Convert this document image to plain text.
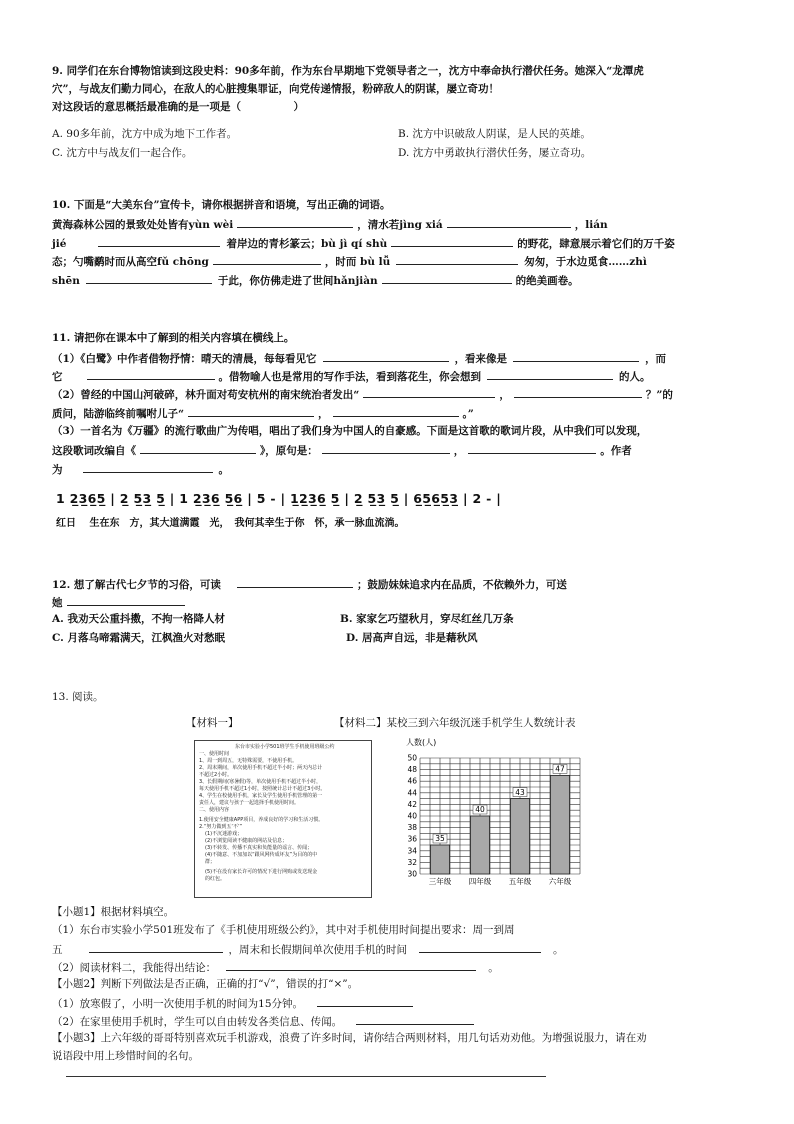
9. 同学们在东台博物馆读到这段史料：90多年前，作为东台早期地下党领导者之一，沈方中奉命执行潜伏任务。她深入“龙潭虎
穴”，与战友们勤力同心，在敌人的心脏搜集罪证，向党传递情报，粉碎敌人的阴谋，屡立奇功！
对这段话的意思概括最准确的是一项是（　　　　　）
A. 90多年前，沈方中成为地下工作者。	B. 沈方中识破敌人阴谋，是人民的英雄。
C. 沈方中与战友们一起合作。	D. 沈方中勇敢执行潜伏任务，屡立奇功。
10. 下面是“大美东台”宣传卡，请你根据拼音和语境，写出正确的词语。
黄海森林公园的景致处处皆有yùn wèi	，清水若jìng xiá	，lián
jié	着岸边的青杉篆云；bù jì qí shù	的野花，肆意展示着它们的万千姿
态；勺嘴鹬时而从高空fǔ chōng	，时而 bù lǚ	匆匆，于水边觅食……zhì
shēn	于此，你仿佛走进了世间hǎnjiàn	的绝美画卷。
11. 请把你在课本中了解到的相关内容填在横线上。
（1）《白鹭》中作者借物抒情：晴天的清晨，每每看见它	，看来像是	，而
它	。借物喻人也是常用的写作手法，看到落花生，你会想到	的人。
（2）曾经的中国山河破碎，林升面对苟安杭州的南宋统治者发出“	，	？”的
质问，陆游临终前嘱咐儿子“	，	。”
（3）一首名为《万疆》的流行歌曲广为传唱，唱出了我们身为中国人的自豪感。下面是这首歌的歌词片段，从中我们可以发现，
这段歌词改编自《	》，原句是：	，	。作者
为	。
1 2̲3̲6̲5̲ | 2̲ 5̲3̲ 5̲ | 1 2̲3̲6̲ 5̲6̲ | 5 - | 1̲2̲3̲6̲ 5̲ | 2̲ 5̲3̲ 5̲ | 6̲5̲6̲5̲3̲ | 2 - |
红日　 生在东　方，其大道满霞　光，　我何其幸生于你　怀，承一脉血流淌。
12. 想了解古代七夕节的习俗，可读	；鼓励妹妹追求内在品质，不依赖外力，可送
她
A. 我劝天公重抖擞，不拘一格降人材	B. 家家乞巧望秋月，穿尽红丝几万条
C. 月落乌啼霜满天，江枫渔火对愁眠	D. 居高声自远，非是藉秋风
13. 阅读。
【材料一】	【材料二】某校三到六年级沉迷手机学生人数统计表
东台市实验小学501班学生手机使用班级公约
一、使用时间
1、周一到周五，无特殊需要，不使用手机。
2、周末期间，单次使用手机不超过半小时；两天内总计
不超过2小时。
3、长假期间(寒暑假)等，单次使用手机不超过半小时，
每天使用手机不超过1小时，按照统计总计不超过3小时。
4、学生在校使用手机，家长及学生使用手机管理的第一
责任人，建议与孩子一起选择手机使用时间。
二、使用内容
1.使用安全健康APP项目，养成良好的学习和生活习惯。
2.“努力做到五‘不’”
(1)不沉迷游戏；
(2)不浏览阅读不健康的网站及信息；
(3)不转发、传播不真实和负能量的谣言、传闻；
(4)不随意、不加加以“跟风网传成坏友”为目的的中
群；
(5)不在没有家长许可的情况下进行网购或发送现金
的红包。
人数(人)
30
32
34
36
38
40
42
44
46
48
50
35
40
43
47
三年级 四年级 五年级 六年级
【小题1】根据材料填空。
（1）东台市实验小学501班发布了《手机使用班级公约》，其中对手机使用时间提出要求：周一到周
五	，周末和长假期间单次使用手机的时间	。
（2）阅读材料二，我能得出结论：	。
【小题2】判断下列做法是否正确，正确的打“√”，错误的打“×”。
（1）放寒假了，小明一次使用手机的时间为15分钟。
（2）在家里使用手机时，学生可以自由转发各类信息、传闻。
【小题3】上六年级的哥哥特别喜欢玩手机游戏，浪费了许多时间，请你结合两则材料，用几句话劝劝他。为增强说服力，请在劝
说语段中用上珍惜时间的名句。
